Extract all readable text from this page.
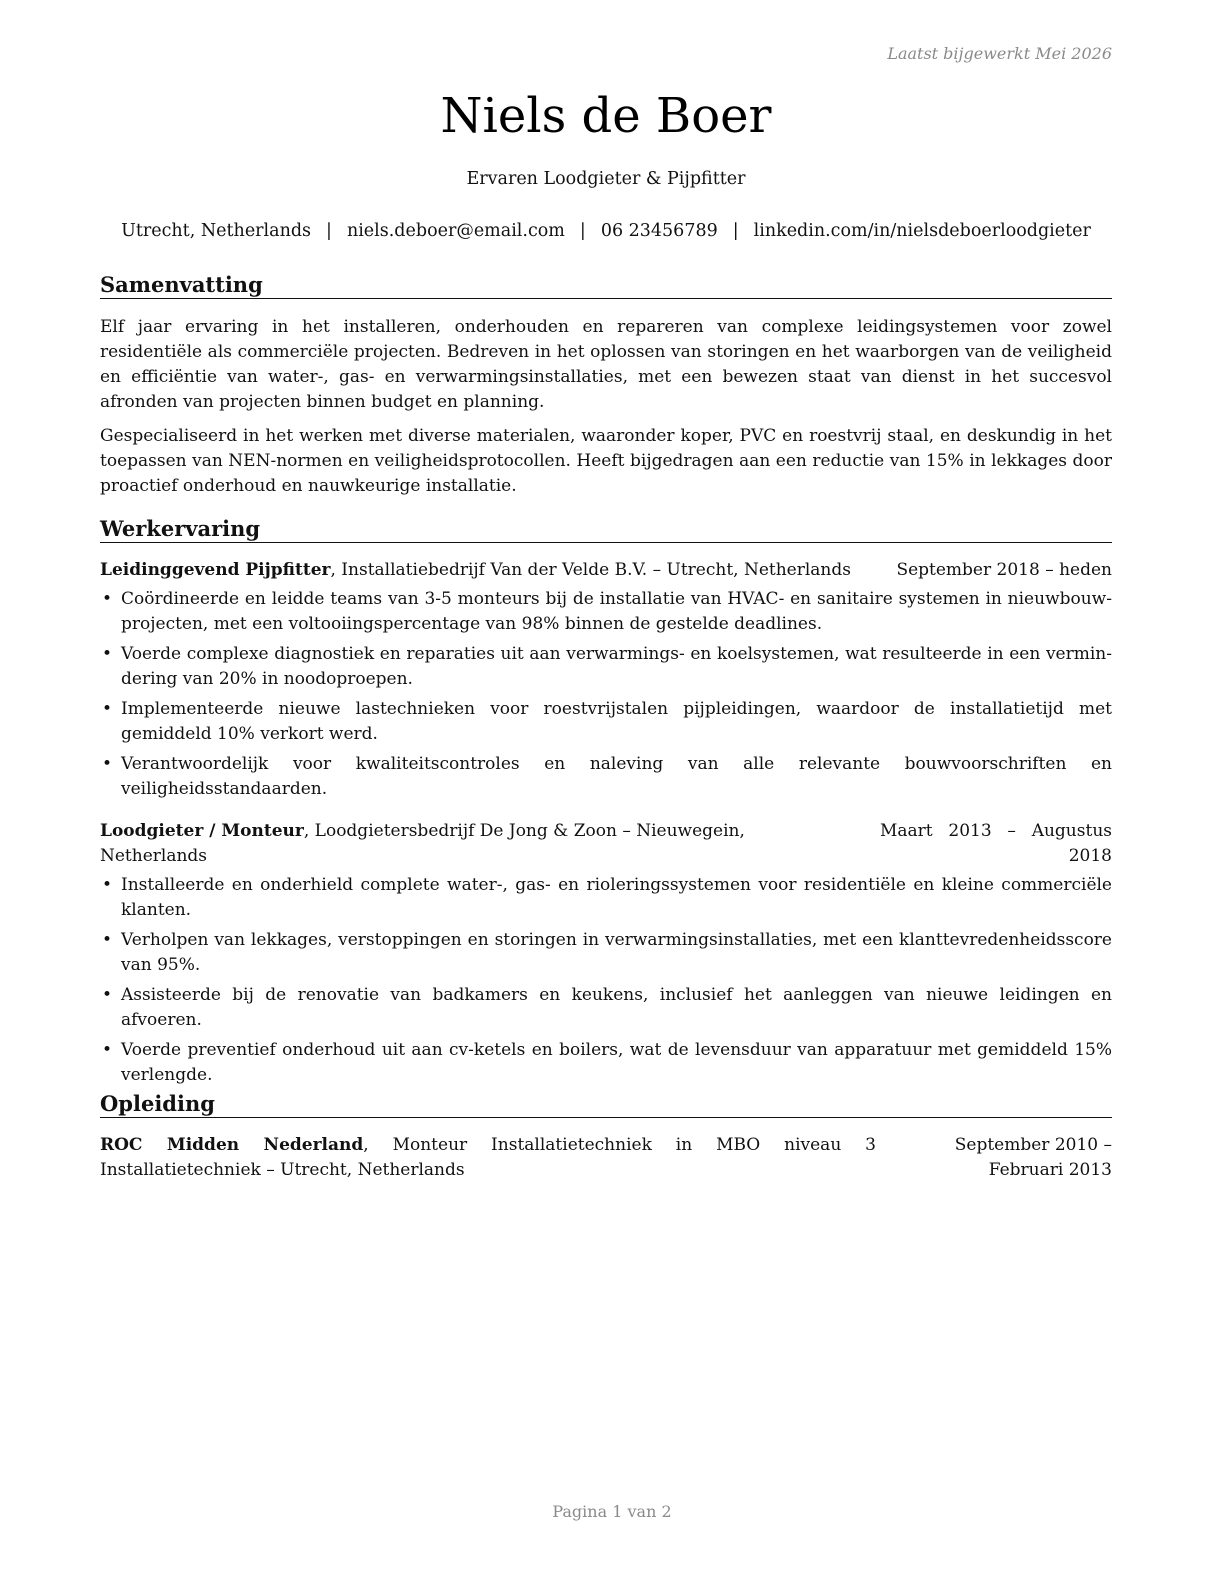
Laatst bijgewerkt Mei 2026
Niels de Boer
Ervaren Loodgieter & Pijpfitter
Utrecht, Netherlands | niels.deboer@email.com | 06 23456789 | linkedin.com/in/nielsdeboerloodgieter
Samenvatting

Elf jaar ervaring in het installeren, onderhouden en repareren van complexe leidingsystemen voor zowel residentiële als commerciële projecten. Bedreven in het oplossen van storingen en het waarborgen van de veiligheid en efficiëntie van water-, gas- en verwarmingsinstallaties, met een bewezen staat van dienst in het succesvol afronden van projecten binnen budget en planning.

Gespecialiseerd in het werken met diverse materialen, waaronder koper, PVC en roestvrij staal, en deskundig in het toepassen van NEN-normen en veiligheidsprotocollen. Heeft bijgedragen aan een reductie van 15% in lekkages door proactief onderhoud en nauwkeurige installatie.

Werkervaring
Leidinggevend Pijpfitter, Installatiebedrijf Van der Velde B.V. – Utrecht, Netherlands	September 2018 – heden
• Coördineerde en leidde teams van 3-5 monteurs bij de installatie van HVAC- en sanitaire systemen in nieuwbouwprojecten, met een voltooiingspercentage van 98% binnen de gestelde deadlines.
• Voerde complexe diagnostiek en reparaties uit aan verwarmings- en koelsystemen, wat resulteerde in een vermindering van 20% in noodoproepen.
• Implementeerde nieuwe lastechnieken voor roestvrijstalen pijpleidingen, waardoor de installatietijd met gemiddeld 10% verkort werd.
• Verantwoordelijk voor kwaliteitscontroles en naleving van alle relevante bouwvoorschriften en veiligheidsstandaarden.
Loodgieter / Monteur, Loodgietersbedrijf De Jong & Zoon – Nieuwegein, Netherlands
Maart 2013 – Augustus 2018
• Installeerde en onderhield complete water-, gas- en rioleringssystemen voor residentiële en kleine commerciële klanten.
• Verholpen van lekkages, verstoppingen en storingen in verwarmingsinstallaties, met een klanttevredenheidsscore van 95%.
• Assisteerde bij de renovatie van badkamers en keukens, inclusief het aanleggen van nieuwe leidingen en afvoeren.
• Voerde preventief onderhoud uit aan cv-ketels en boilers, wat de levensduur van apparatuur met gemiddeld 15% verlengde.
Opleiding
ROC Midden Nederland, Monteur Installatietechniek in MBO niveau 3 Installatietechniek – Utrecht, Netherlands
September 2010 – Februari 2013
Pagina 1 van 2
